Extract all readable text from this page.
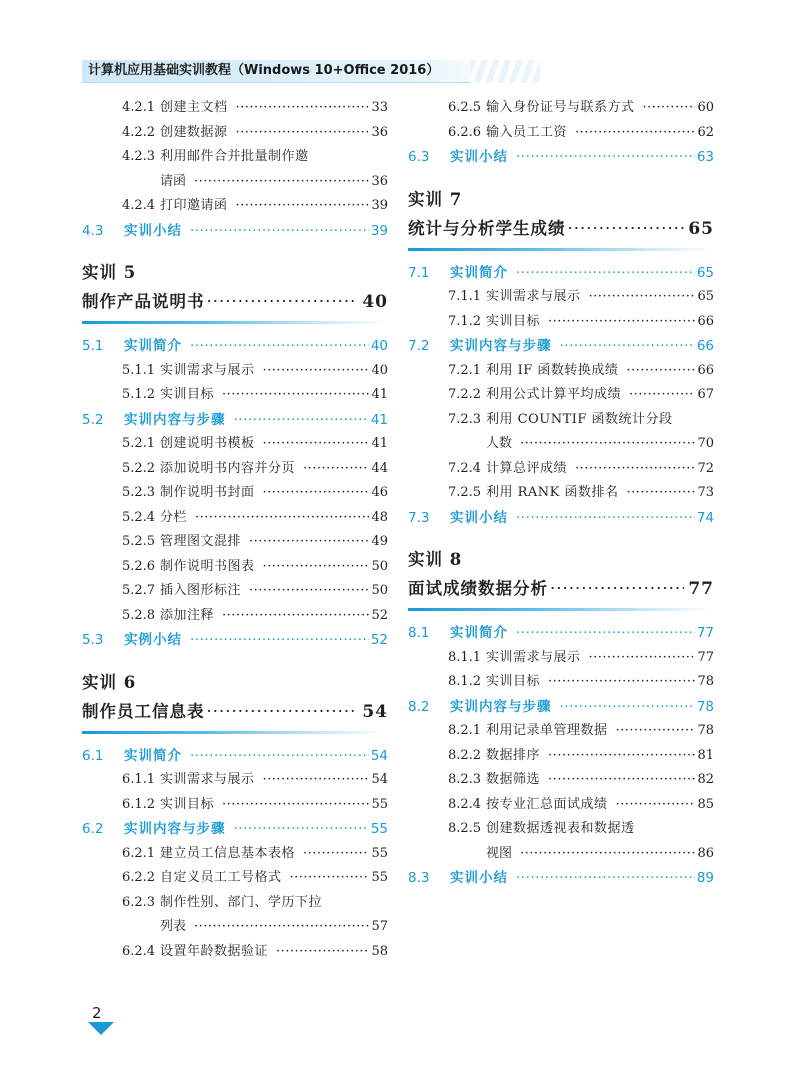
计算机应用基础实训教程（Windows 10+Office 2016）
4.2.1 创建主文档 ·····	33
4.2.2 创建数据源 ·····	36
4.2.3 利用邮件合并批量制作邀
请函 ·····	36
4.2.4 打印邀请函 ·····	39
4.3	实训小结 ·····	39
实训 5
制作产品说明书 ·····	40
5.1	实训简介 ·····	40
5.1.1 实训需求与展示 ·····	40
5.1.2 实训目标 ·····	41
5.2	实训内容与步骤 ·····	41
5.2.1 创建说明书模板 ·····	41
5.2.2 添加说明书内容并分页 ·····	44
5.2.3 制作说明书封面 ·····	46
5.2.4 分栏 ·····	48
5.2.5 管理图文混排 ·····	49
5.2.6 制作说明书图表 ·····	50
5.2.7 插入图形标注 ·····	50
5.2.8 添加注释 ·····	52
5.3	实例小结 ·····	52
实训 6
制作员工信息表 ·····	54
6.1	实训简介 ·····	54
6.1.1 实训需求与展示 ·····	54
6.1.2 实训目标 ·····	55
6.2	实训内容与步骤 ·····	55
6.2.1 建立员工信息基本表格 ·····	55
6.2.2 自定义员工工号格式 ·····	55
6.2.3 制作性别、部门、学历下拉
列表 ·····	57
6.2.4 设置年龄数据验证 ·····	58
6.2.5 输入身份证号与联系方式 ·····	60
6.2.6 输入员工工资 ·····	62
6.3	实训小结 ·····	63
实训 7
统计与分析学生成绩 ·····	65
7.1	实训简介 ·····	65
7.1.1 实训需求与展示 ·····	65
7.1.2 实训目标 ·····	66
7.2	实训内容与步骤 ·····	66
7.2.1 利用 IF 函数转换成绩 ·····	66
7.2.2 利用公式计算平均成绩 ·····	67
7.2.3 利用 COUNTIF 函数统计分段
人数 ·····	70
7.2.4 计算总评成绩 ·····	72
7.2.5 利用 RANK 函数排名 ·····	73
7.3	实训小结 ·····	74
实训 8
面试成绩数据分析 ·····	77
8.1	实训简介 ·····	77
8.1.1 实训需求与展示 ·····	77
8.1.2 实训目标 ·····	78
8.2	实训内容与步骤 ·····	78
8.2.1 利用记录单管理数据 ·····	78
8.2.2 数据排序 ·····	81
8.2.3 数据筛选 ·····	82
8.2.4 按专业汇总面试成绩 ·····	85
8.2.5 创建数据透视表和数据透
视图 ·····	86
8.3	实训小结 ·····	89
2
